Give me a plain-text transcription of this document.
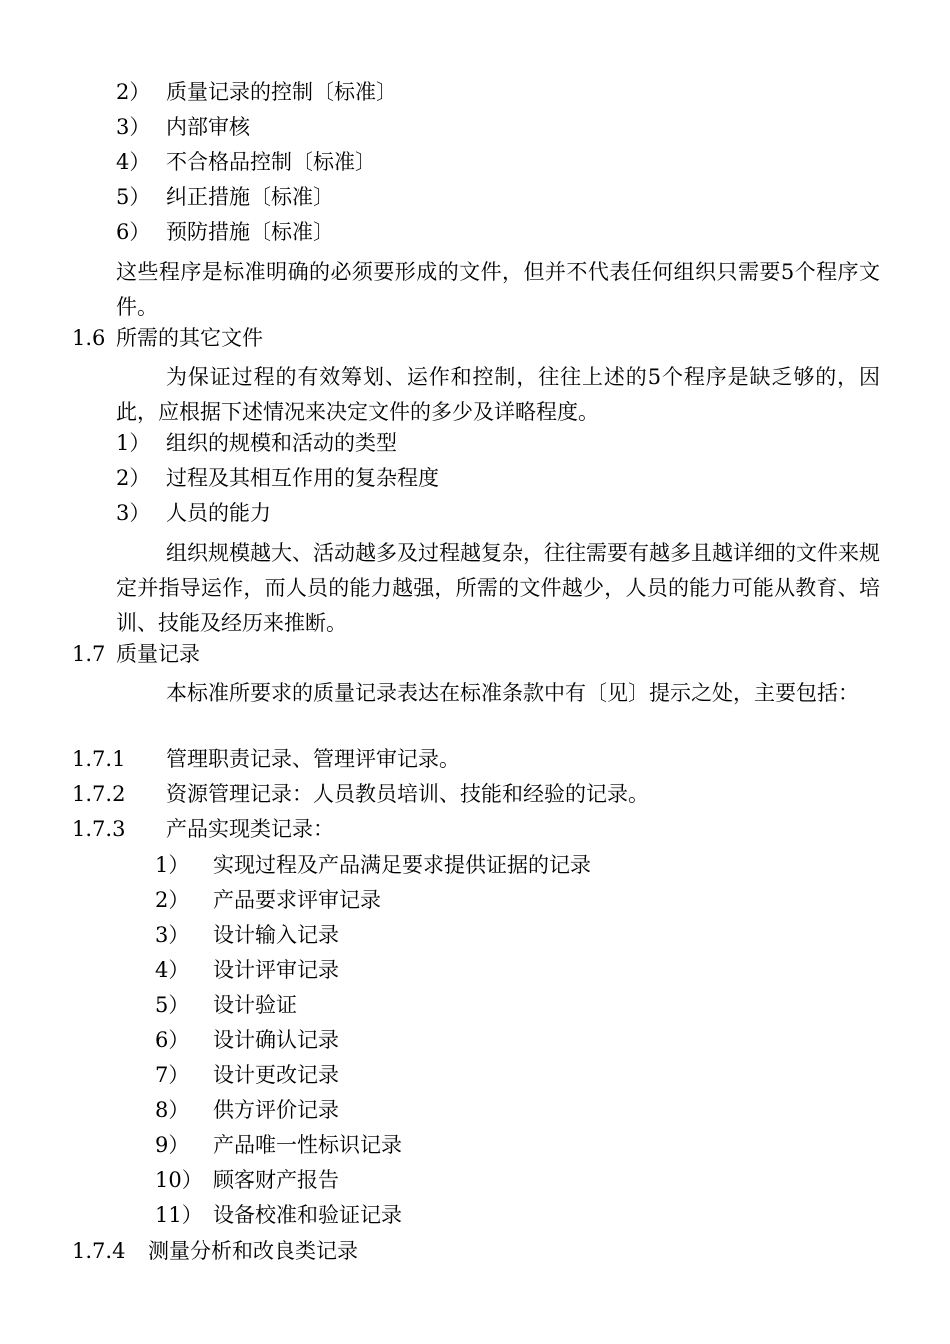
2） 质量记录的控制〔标准〕
3） 内部审核
4） 不合格品控制〔标准〕
5） 纠正措施〔标准〕
6） 预防措施〔标准〕
这些程序是标准明确的必须要形成的文件，但并不代表任何组织只需要5个程序文件。
1.6 所需的其它文件
为保证过程的有效筹划、运作和控制，往往上述的5个程序是缺乏够的，因此，应根据下述情况来决定文件的多少及详略程度。
1） 组织的规模和活动的类型
2） 过程及其相互作用的复杂程度
3） 人员的能力
组织规模越大、活动越多及过程越复杂，往往需要有越多且越详细的文件来规定并指导运作，而人员的能力越强，所需的文件越少，人员的能力可能从教育、培训、技能及经历来推断。
1.7 质量记录
本标准所要求的质量记录表达在标准条款中有〔见〕提示之处，主要包括：
1.7.1 管理职责记录、管理评审记录。
1.7.2 资源管理记录：人员教员培训、技能和经验的记录。
1.7.3 产品实现类记录：
1） 实现过程及产品满足要求提供证据的记录
2） 产品要求评审记录
3） 设计输入记录
4） 设计评审记录
5） 设计验证
6） 设计确认记录
7） 设计更改记录
8） 供方评价记录
9） 产品唯一性标识记录
10） 顾客财产报告
11） 设备校准和验证记录
1.7.4 测量分析和改良类记录
